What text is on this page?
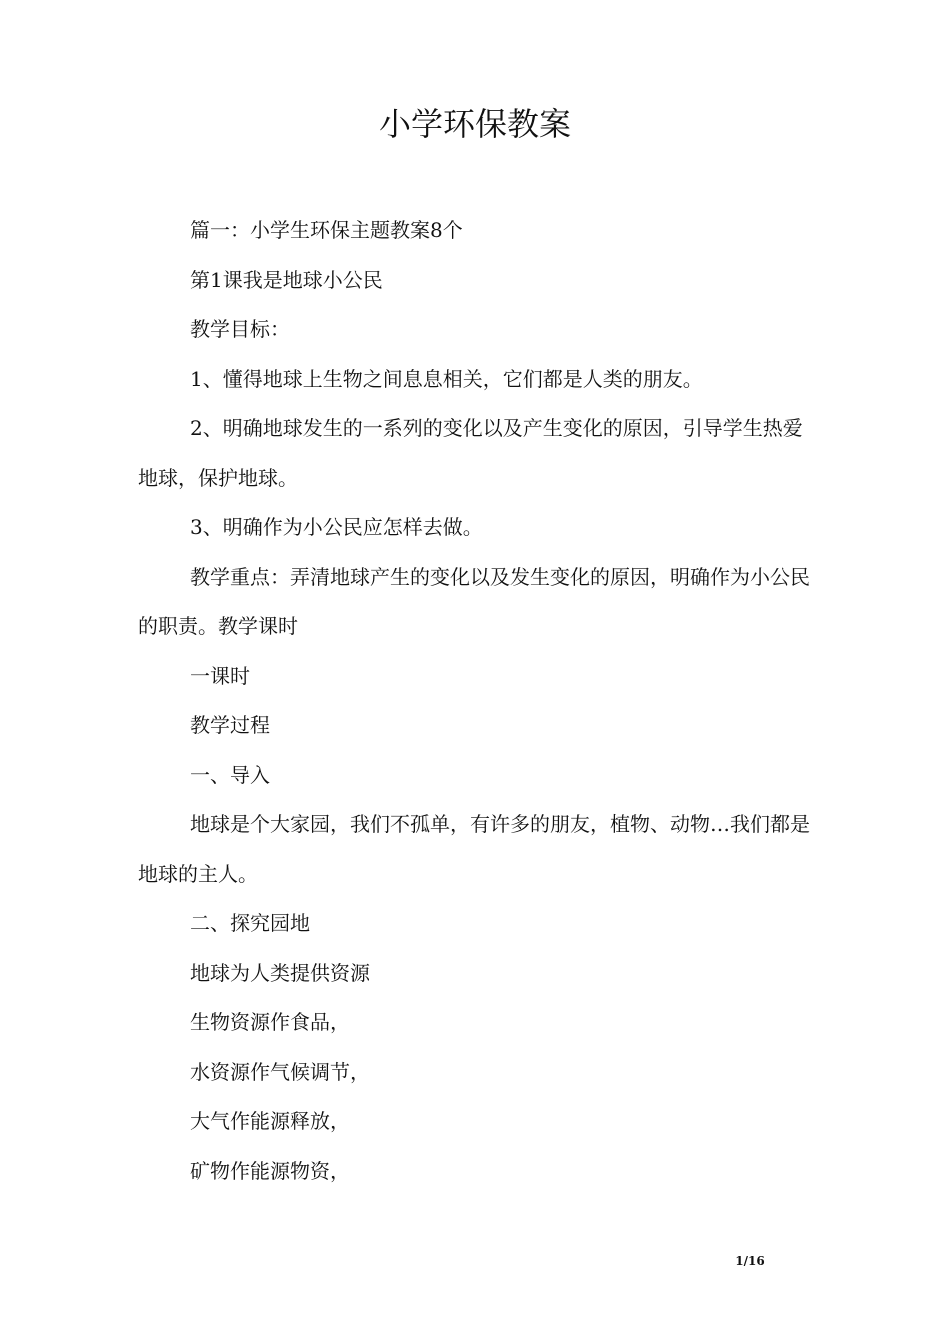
小学环保教案

篇一：小学生环保主题教案8个

第1课我是地球小公民

教学目标：

1、懂得地球上生物之间息息相关，它们都是人类的朋友。

2、明确地球发生的一系列的变化以及产生变化的原因，引导学生热爱地球，保护地球。

3、明确作为小公民应怎样去做。

教学重点：弄清地球产生的变化以及发生变化的原因，明确作为小公民的职责。教学课时

一课时

教学过程

一、导入

地球是个大家园，我们不孤单，有许多的朋友，植物、动物…我们都是地球的主人。

二、探究园地

地球为人类提供资源

生物资源作食品，

水资源作气候调节，

大气作能源释放，

矿物作能源物资，

1/16
